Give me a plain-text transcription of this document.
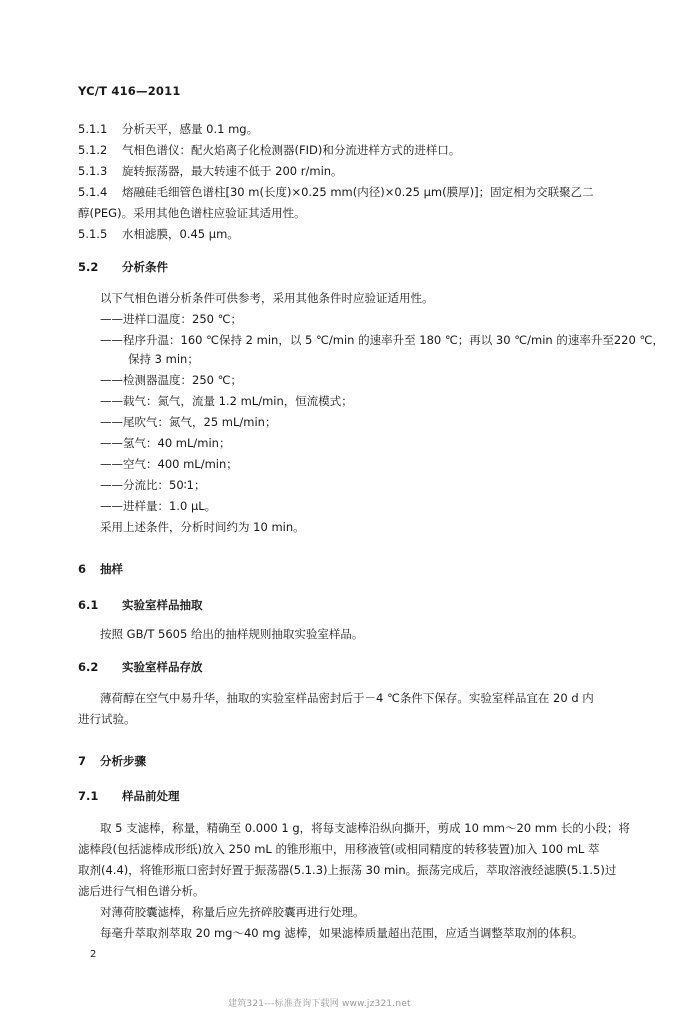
YC/T 416—2011
5.1.1 分析天平，感量 0.1 mg。
5.1.2 气相色谱仪：配火焰离子化检测器(FID)和分流进样方式的进样口。
5.1.3 旋转振荡器，最大转速不低于 200 r/min。
5.1.4 熔融硅毛细管色谱柱[30 m(长度)×0.25 mm(内径)×0.25 μm(膜厚)]；固定相为交联聚乙二
醇(PEG)。采用其他色谱柱应验证其适用性。
5.1.5 水相滤膜，0.45 μm。
5.2 分析条件
以下气相色谱分析条件可供参考，采用其他条件时应验证适用性。
——进样口温度：250 ℃；
——程序升温：160 ℃保持 2 min，以 5 ℃/min 的速率升至 180 ℃；再以 30 ℃/min 的速率升至220 ℃，
保持 3 min；
——检测器温度：250 ℃；
——载气：氮气，流量 1.2 mL/min，恒流模式；
——尾吹气：氮气，25 mL/min；
——氢气：40 mL/min；
——空气：400 mL/min；
——分流比：50∶1；
——进样量：1.0 μL。
采用上述条件，分析时间约为 10 min。
6 抽样
6.1 实验室样品抽取
按照 GB/T 5605 给出的抽样规则抽取实验室样品。
6.2 实验室样品存放
薄荷醇在空气中易升华，抽取的实验室样品密封后于－4 ℃条件下保存。实验室样品宜在 20 d 内
进行试验。
7 分析步骤
7.1 样品前处理
取 5 支滤棒，称量，精确至 0.000 1 g，将每支滤棒沿纵向撕开，剪成 10 mm～20 mm 长的小段；将
滤棒段(包括滤棒成形纸)放入 250 mL 的锥形瓶中，用移液管(或相同精度的转移装置)加入 100 mL 萃
取剂(4.4)，将锥形瓶口密封好置于振荡器(5.1.3)上振荡 30 min。振荡完成后，萃取溶液经滤膜(5.1.5)过
滤后进行气相色谱分析。
对薄荷胶囊滤棒，称量后应先挤碎胶囊再进行处理。
每毫升萃取剂萃取 20 mg～40 mg 滤棒，如果滤棒质量超出范围，应适当调整萃取剂的体积。
2
建筑321---标准查询下载网 www.jz321.net
